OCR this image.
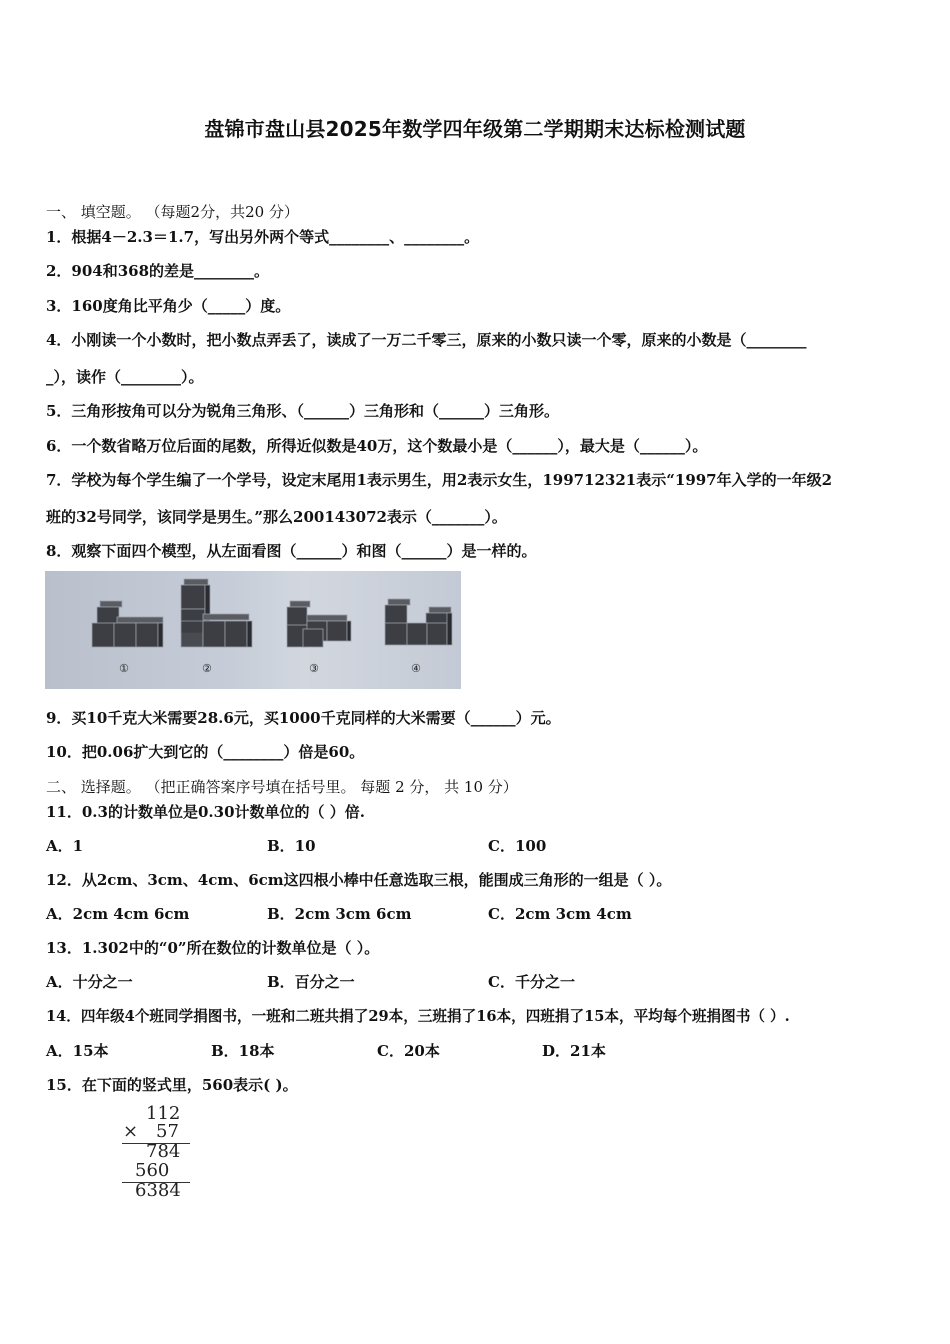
盘锦市盘山县2025年数学四年级第二学期期末达标检测试题
一、 填空题。 （每题2分，共20 分）
1．根据4－2.3＝1.7，写出另外两个等式________、________。
2．904和368的差是________。
3．160度角比平角少（_____）度。
4．小刚读一个小数时，把小数点弄丢了，读成了一万二千零三，原来的小数只读一个零，原来的小数是（________
_），读作（________）。
5．三角形按角可以分为锐角三角形、（______）三角形和（______）三角形。
6．一个数省略万位后面的尾数，所得近似数是40万，这个数最小是（______），最大是（______）。
7．学校为每个学生编了一个学号，设定末尾用1表示男生，用2表示女生，199712321表示“1997年入学的一年级2
班的32号同学，该同学是男生。”那么200143072表示（_______）。
8．观察下面四个模型，从左面看图（______）和图（______）是一样的。
①	②	③	④
9．买10千克大米需要28.6元，买1000千克同样的大米需要（______）元。
10．把0.06扩大到它的（________）倍是60。
二、 选择题。 （把正确答案序号填在括号里。 每题 2 分， 共 10 分）
11．0.3的计数单位是0.30计数单位的（ ）倍.
A．1	B．10	C．100
12．从2cm、3cm、4cm、6cm这四根小棒中任意选取三根，能围成三角形的一组是（ ）。
A．2cm 4cm 6cm	B．2cm 3cm 6cm	C．2cm 3cm 4cm
13．1.302中的“0”所在数位的计数单位是（ ）。
A．十分之一	B．百分之一	C．千分之一
14．四年级4个班同学捐图书，一班和二班共捐了29本，三班捐了16本，四班捐了15本，平均每个班捐图书（ ）.
A．15本	B．18本	C．20本	D．21本
15．在下面的竖式里，560表示( )。
112
× 57
784
560
6384
